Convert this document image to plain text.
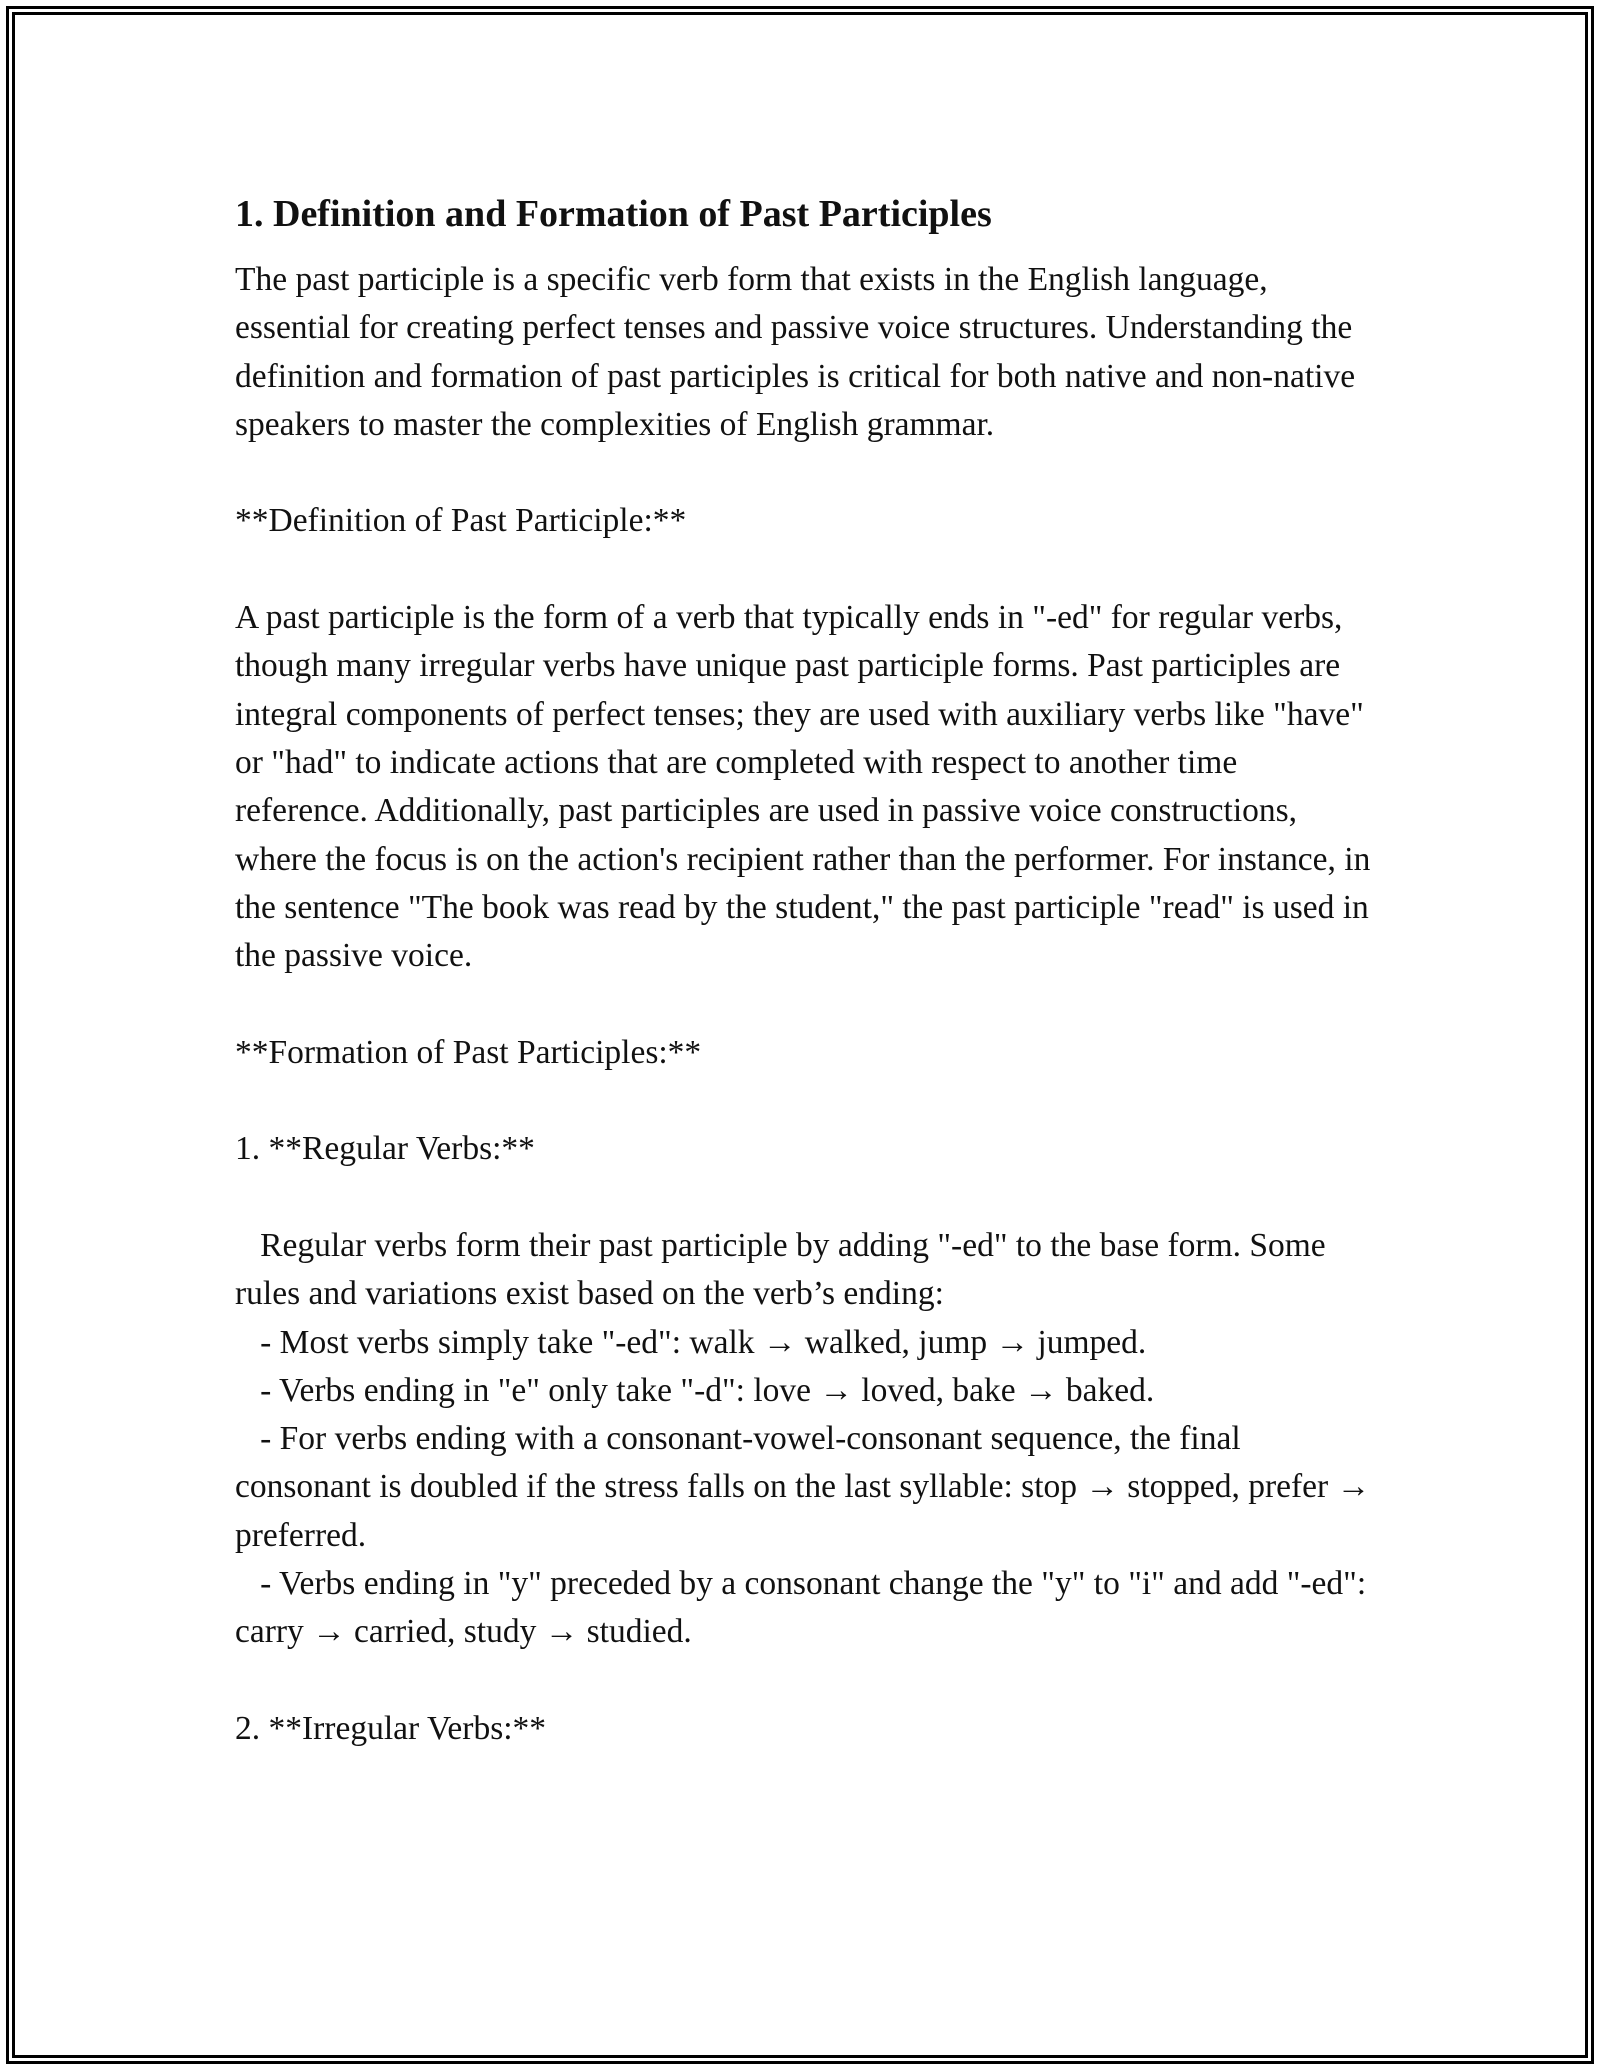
1. Definition and Formation of Past Participles

The past participle is a specific verb form that exists in the English language, essential for creating perfect tenses and passive voice structures. Understanding the definition and formation of past participles is critical for both native and non-native speakers to master the complexities of English grammar.

**Definition of Past Participle:**

A past participle is the form of a verb that typically ends in "-ed" for regular verbs, though many irregular verbs have unique past participle forms. Past participles are integral components of perfect tenses; they are used with auxiliary verbs like "have" or "had" to indicate actions that are completed with respect to another time reference. Additionally, past participles are used in passive voice constructions, where the focus is on the action's recipient rather than the performer. For instance, in the sentence "The book was read by the student," the past participle "read" is used in the passive voice.

**Formation of Past Participles:**

1. **Regular Verbs:**

Regular verbs form their past participle by adding "-ed" to the base form. Some rules and variations exist based on the verb’s ending:

- Most verbs simply take "-ed": walk → walked, jump → jumped.

- Verbs ending in "e" only take "-d": love → loved, bake → baked.

- For verbs ending with a consonant-vowel-consonant sequence, the final consonant is doubled if the stress falls on the last syllable: stop → stopped, prefer → preferred.

- Verbs ending in "y" preceded by a consonant change the "y" to "i" and add "-ed": carry → carried, study → studied.

2. **Irregular Verbs:**
